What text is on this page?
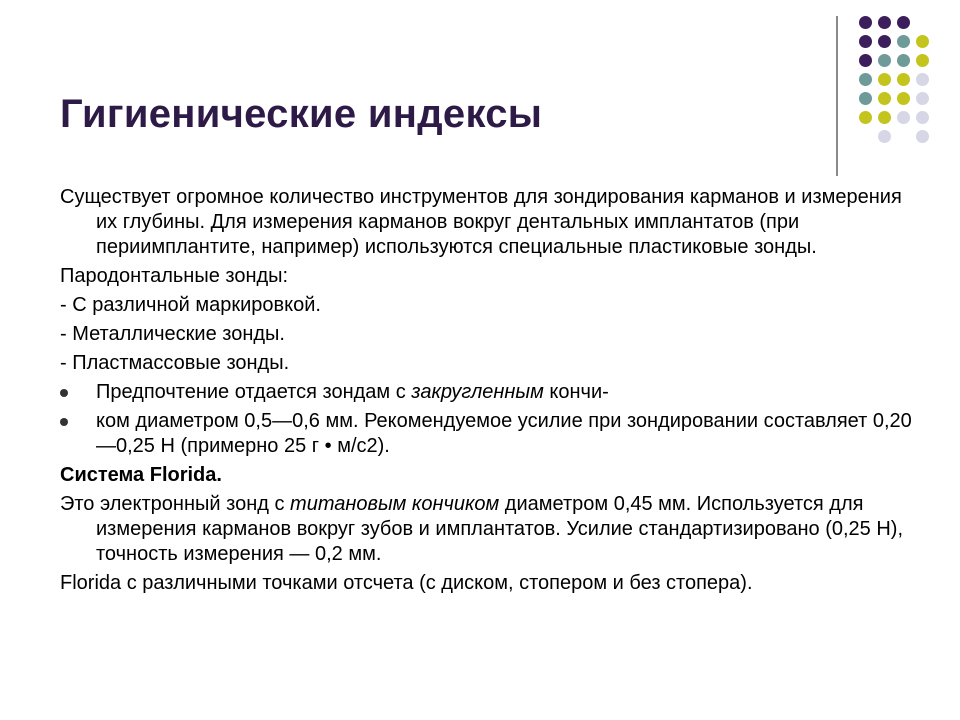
Гигиенические индексы

Существует огромное количество инструментов для зондирования карманов и измерения их глубины. Для измерения карманов вокруг дентальных имплантатов (при периимплантите, например) используются специальные пластиковые зонды.

Пародонтальные зонды:

- С различной маркировкой.

- Металлические зонды.

- Пластмассовые зонды.

Предпочтение отдается зондам с закругленным кончи-
ком диаметром 0,5—0,6 мм. Рекомендуемое усилие при зондировании составляет 0,20—0,25 Н (примерно 25 г • м/с2).

Система Florida.

Это электронный зонд с титановым кончиком диаметром 0,45 мм. Используется для измерения карманов вокруг зубов и имплантатов. Усилие стандартизировано (0,25 Н), точность измерения — 0,2 мм.

Florida с различными точками отсчета (с диском, стопером и без стопера).
